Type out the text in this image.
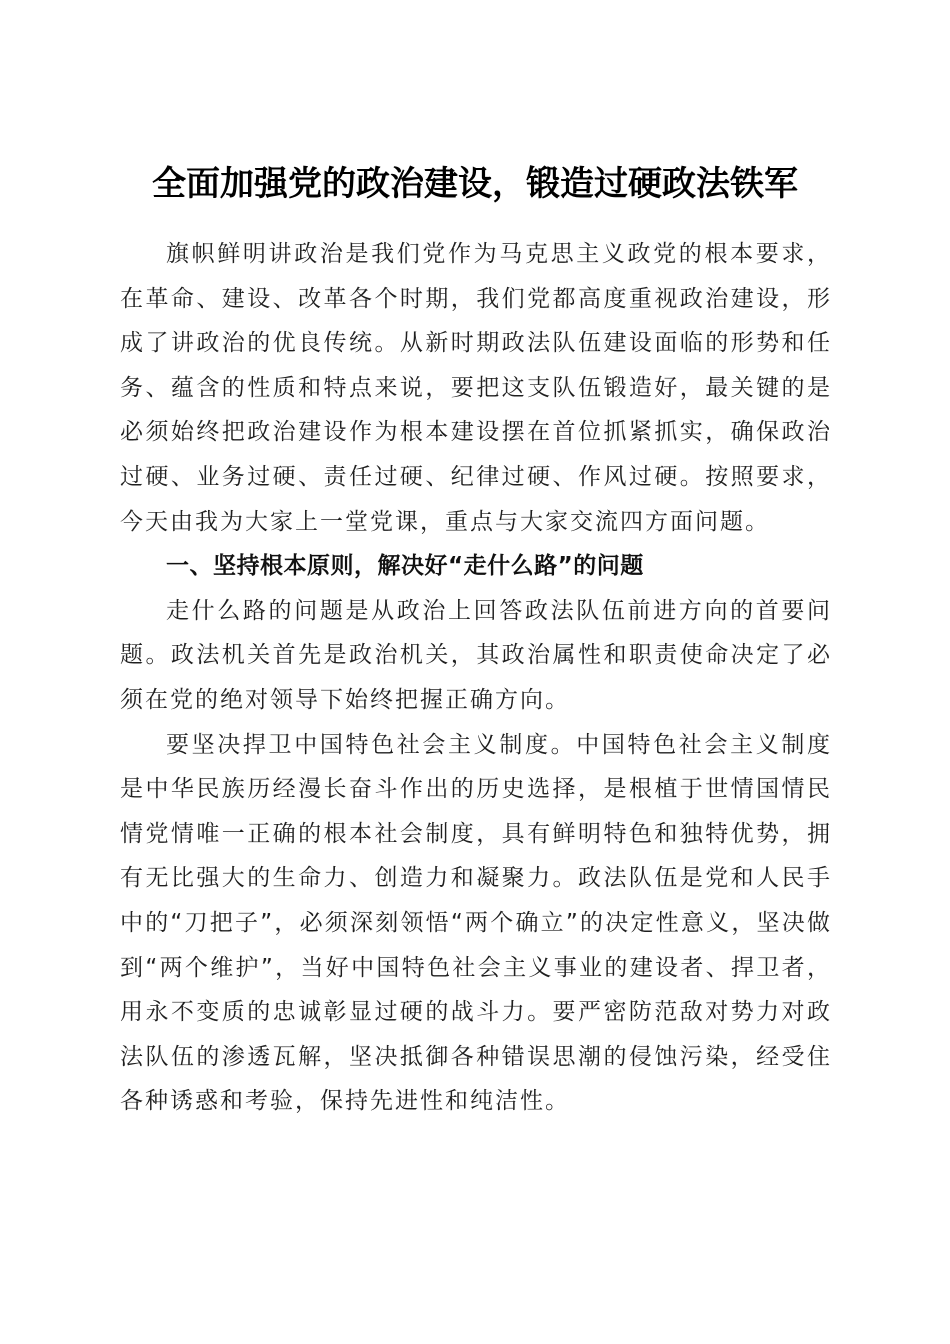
全面加强党的政治建设，锻造过硬政法铁军

旗帜鲜明讲政治是我们党作为马克思主义政党的根本要求，在革命、建设、改革各个时期，我们党都高度重视政治建设，形成了讲政治的优良传统。从新时期政法队伍建设面临的形势和任务、蕴含的性质和特点来说，要把这支队伍锻造好，最关键的是必须始终把政治建设作为根本建设摆在首位抓紧抓实，确保政治过硬、业务过硬、责任过硬、纪律过硬、作风过硬。按照要求，今天由我为大家上一堂党课，重点与大家交流四方面问题。

一、坚持根本原则，解决好“走什么路”的问题

走什么路的问题是从政治上回答政法队伍前进方向的首要问题。政法机关首先是政治机关，其政治属性和职责使命决定了必须在党的绝对领导下始终把握正确方向。

要坚决捍卫中国特色社会主义制度。中国特色社会主义制度是中华民族历经漫长奋斗作出的历史选择，是根植于世情国情民情党情唯一正确的根本社会制度，具有鲜明特色和独特优势，拥有无比强大的生命力、创造力和凝聚力。政法队伍是党和人民手中的“刀把子”，必须深刻领悟“两个确立”的决定性意义，坚决做到“两个维护”，当好中国特色社会主义事业的建设者、捍卫者，用永不变质的忠诚彰显过硬的战斗力。要严密防范敌对势力对政法队伍的渗透瓦解，坚决抵御各种错误思潮的侵蚀污染，经受住各种诱惑和考验，保持先进性和纯洁性。
